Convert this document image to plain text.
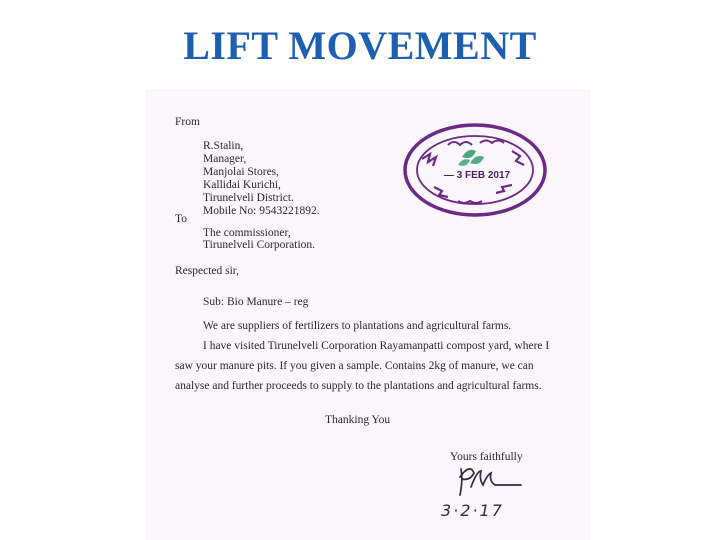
LIFT MOVEMENT
From
R.Stalin,
Manager,
Manjolai Stores,
Kallidai Kurichi,
Tirunelveli District.
Mobile No: 9543221892.
To
The commissioner,
Tirunelveli Corporation.
Respected sir,
Sub: Bio Manure – reg
We are suppliers of fertilizers to plantations and agricultural farms.
I have visited Tirunelveli Corporation Rayamanpatti compost yard, where I
saw your manure pits. If you given a sample. Contains 2kg of manure, we can
analyse and further proceeds to supply to the plantations and agricultural farms.
Thanking You
Yours faithfully
— 3 FEB 2017
3·2·17
